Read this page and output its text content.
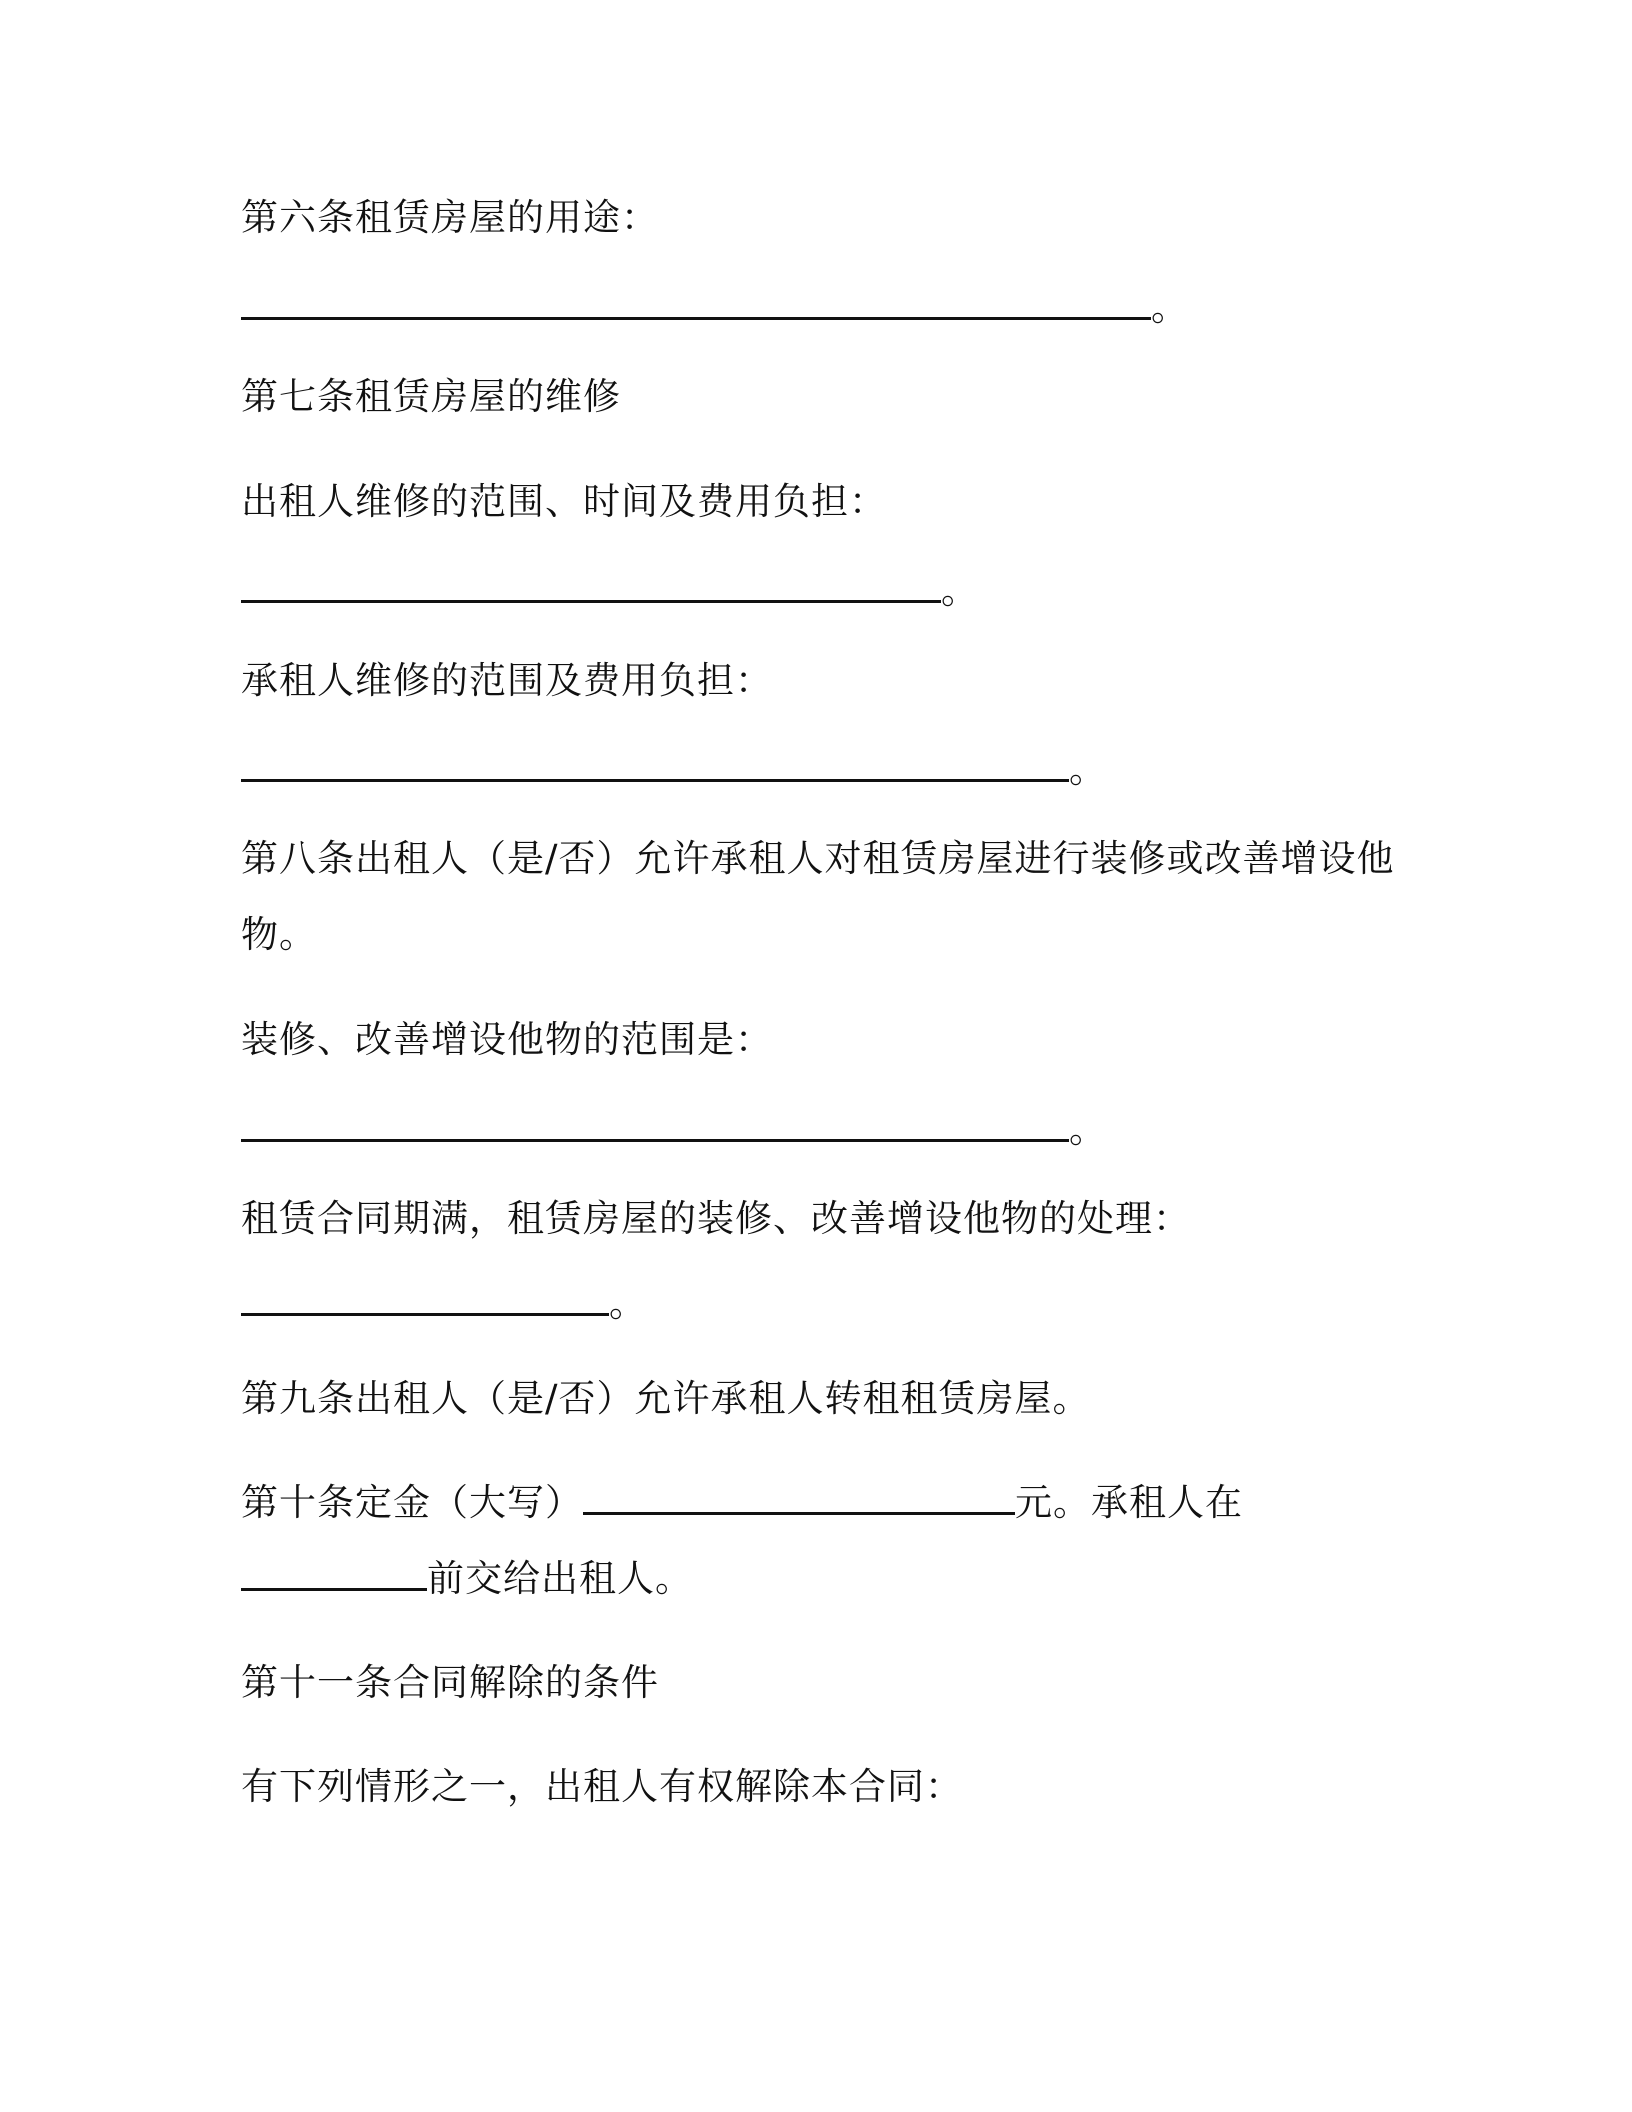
第六条租赁房屋的用途：

。

第七条租赁房屋的维修

出租人维修的范围、时间及费用负担：

。

承租人维修的范围及费用负担：

。

第八条出租人（是/否）允许承租人对租赁房屋进行装修或改善增设他

物。

装修、改善增设他物的范围是：

。

租赁合同期满，租赁房屋的装修、改善增设他物的处理：

。

第九条出租人（是/否）允许承租人转租租赁房屋。

第十条定金（大写）	元。承租人在

前交给出租人。

第十一条合同解除的条件

有下列情形之一，出租人有权解除本合同：
